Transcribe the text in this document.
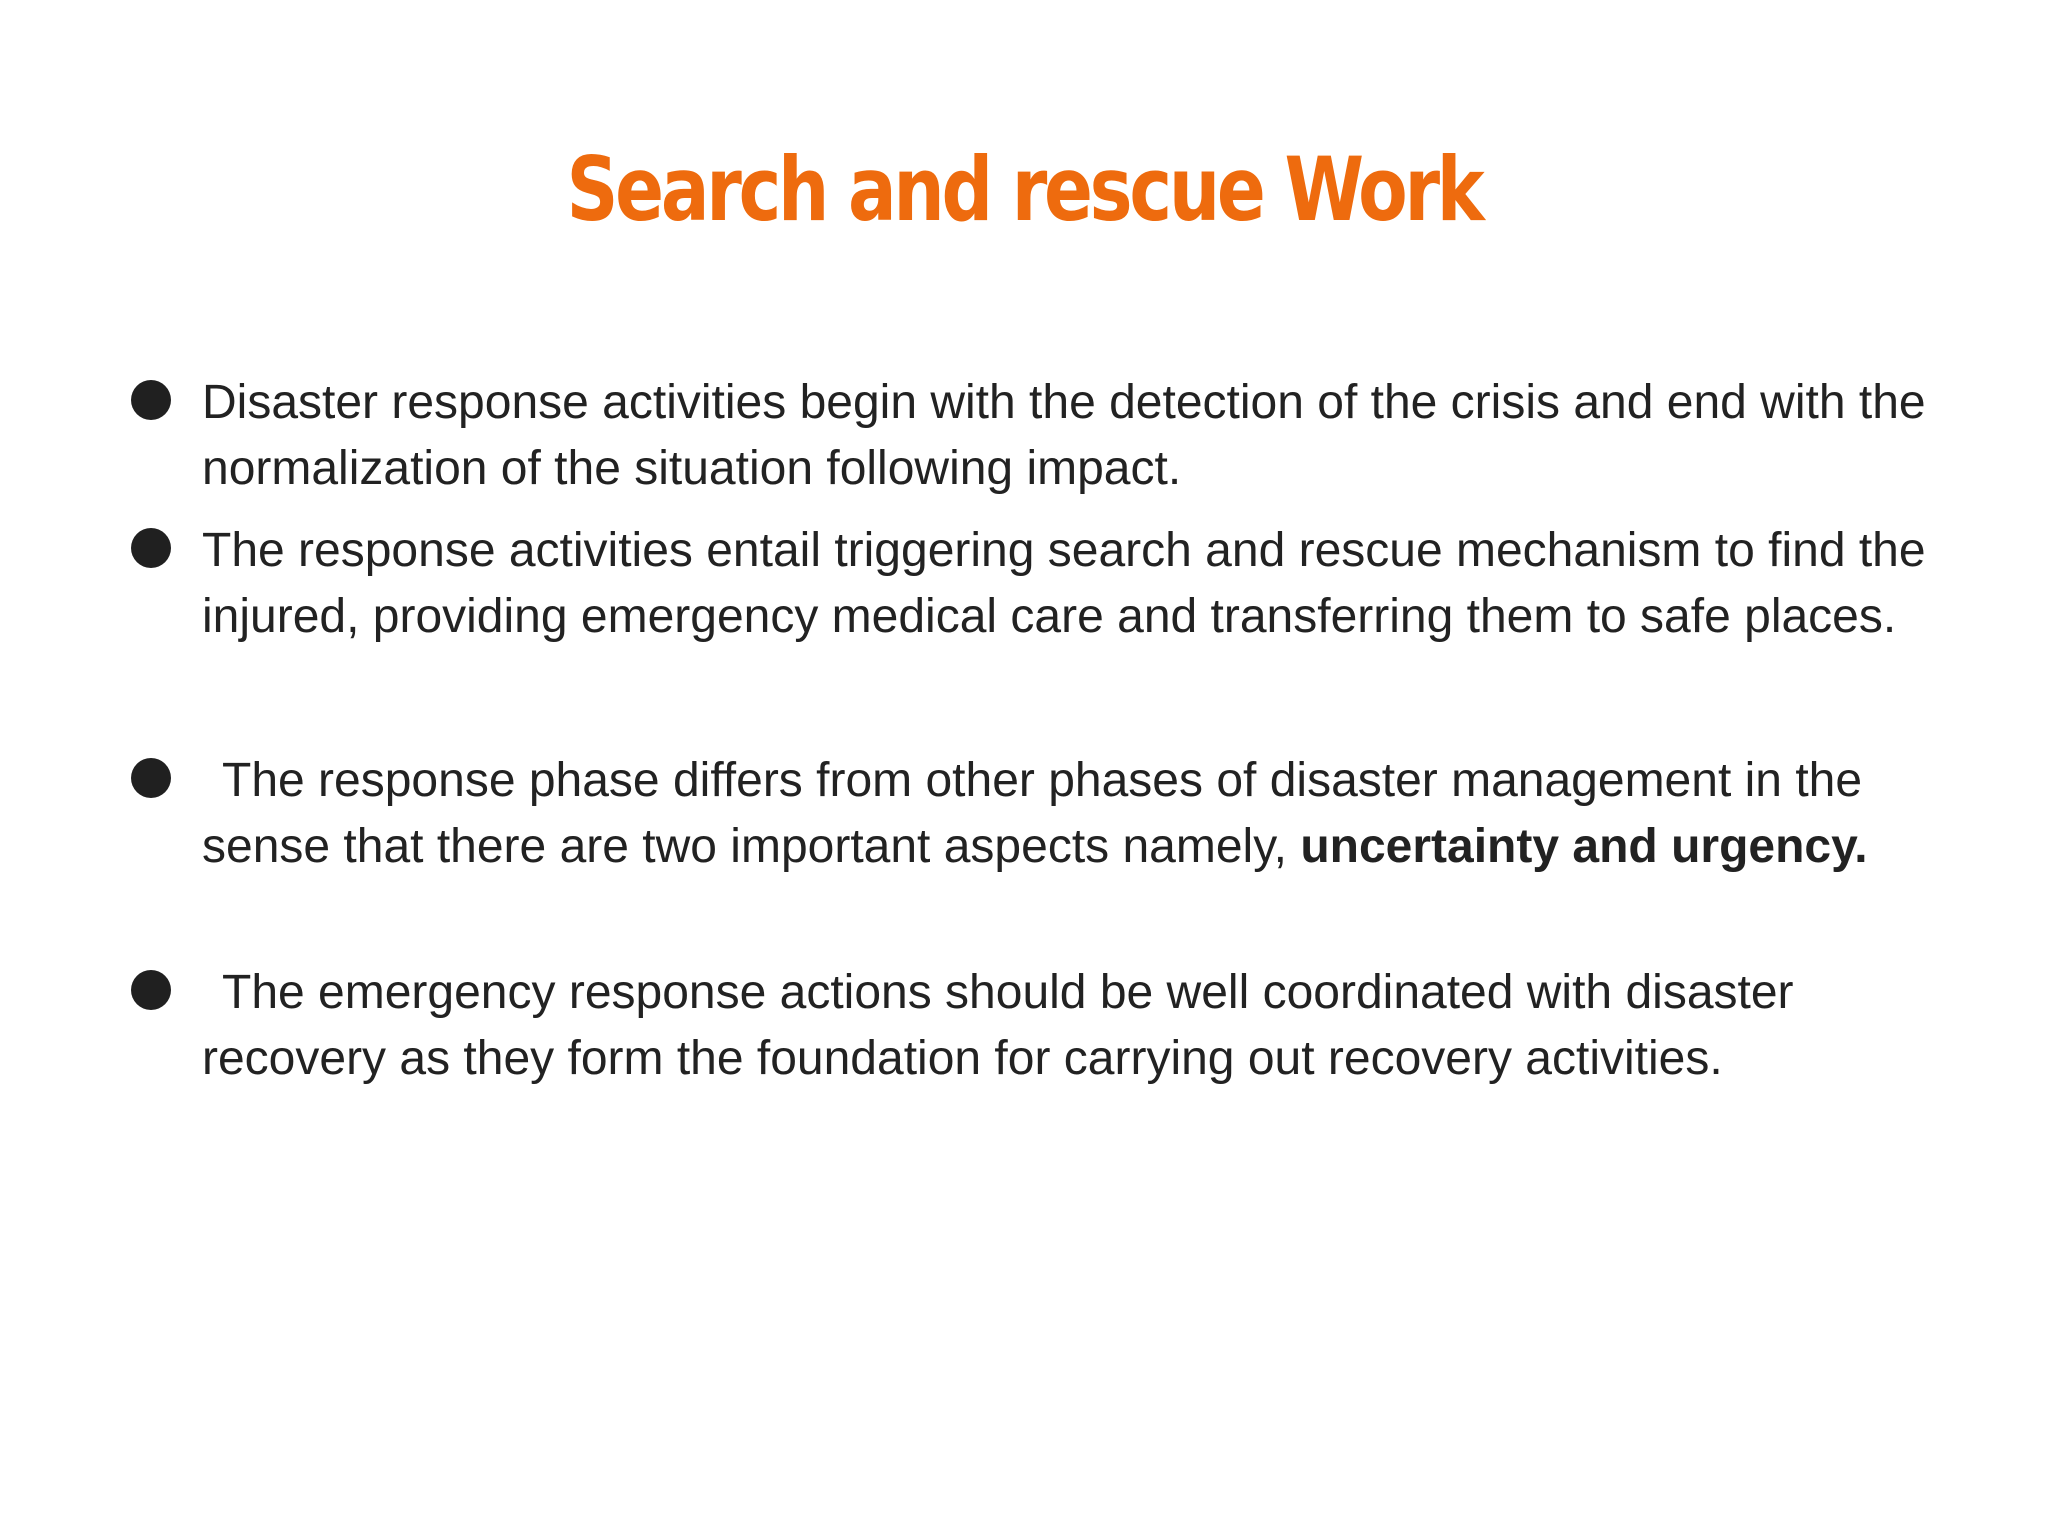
Search and rescue Work
Disaster response activities begin with the detection of the crisis and end with the normalization of the situation following impact.
The response activities entail triggering search and rescue mechanism to find the injured, providing emergency medical care and transferring them to safe places.
The response phase differs from other phases of disaster management in the sense that there are two important aspects namely, uncertainty and urgency.
The emergency response actions should be well coordinated with disaster recovery as they form the foundation for carrying out recovery activities.
